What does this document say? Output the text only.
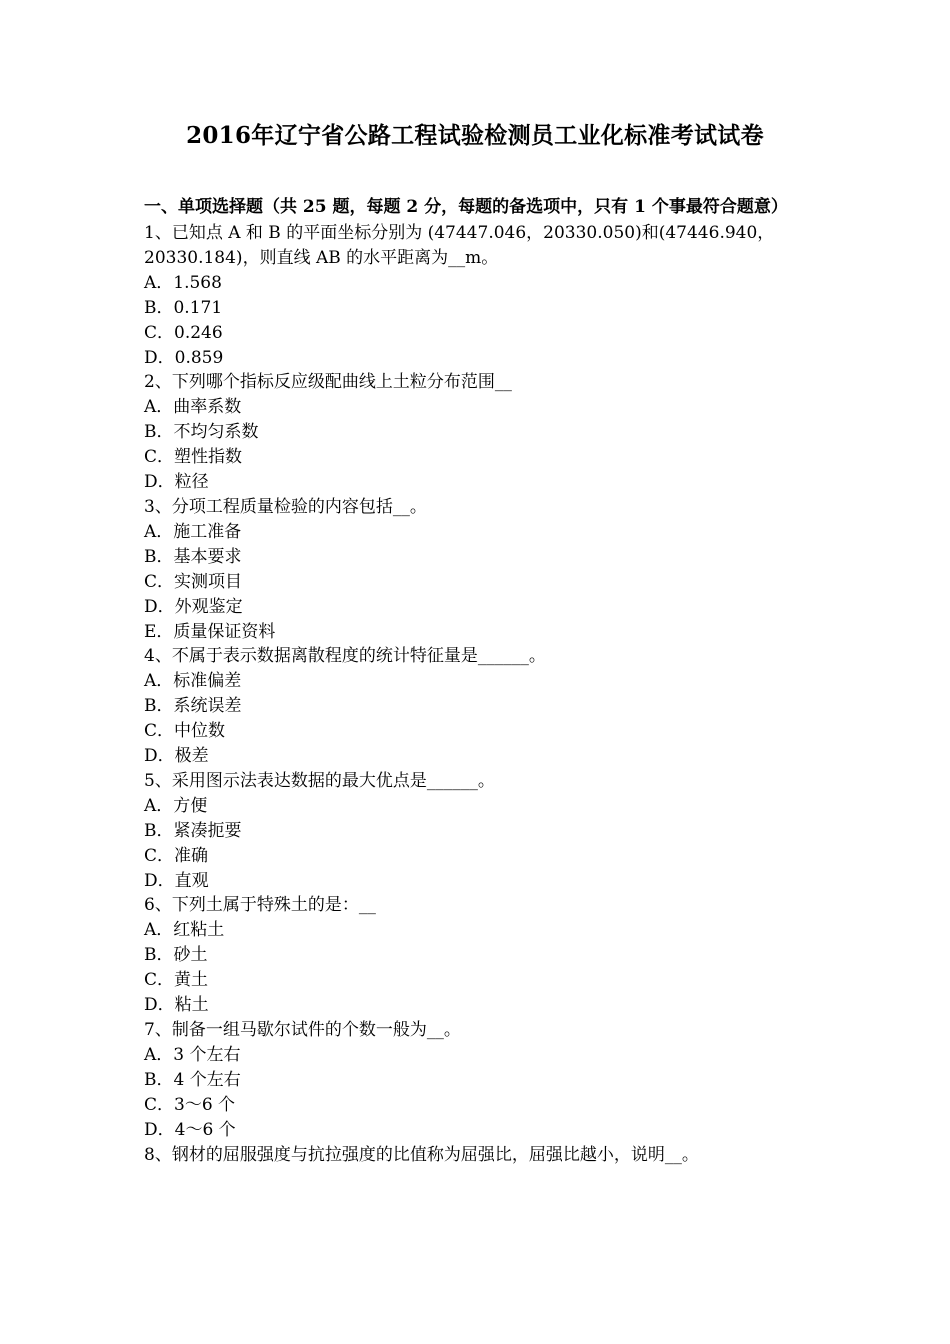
2016年辽宁省公路工程试验检测员工业化标准考试试卷
一、单项选择题（共 25 题，每题 2 分，每题的备选项中，只有 1 个事最符合题意）
1、已知点 A 和 B 的平面坐标分别为 (47447.046，20330.050)和(47446.940，20330.184)，则直线 AB 的水平距离为__m。
A．1.568
B．0.171
C．0.246
D．0.859
2、下列哪个指标反应级配曲线上土粒分布范围__
A．曲率系数
B．不均匀系数
C．塑性指数
D．粒径
3、分项工程质量检验的内容包括__。
A．施工准备
B．基本要求
C．实测项目
D．外观鉴定
E．质量保证资料
4、不属于表示数据离散程度的统计特征量是______。
A．标准偏差
B．系统误差
C．中位数
D．极差
5、采用图示法表达数据的最大优点是______。
A．方便
B．紧凑扼要
C．准确
D．直观
6、下列土属于特殊土的是：__
A．红粘土
B．砂土
C．黄土
D．粘土
7、制备一组马歇尔试件的个数一般为__。
A．3 个左右
B．4 个左右
C．3～6 个
D．4～6 个
8、钢材的屈服强度与抗拉强度的比值称为屈强比，屈强比越小，说明__。
